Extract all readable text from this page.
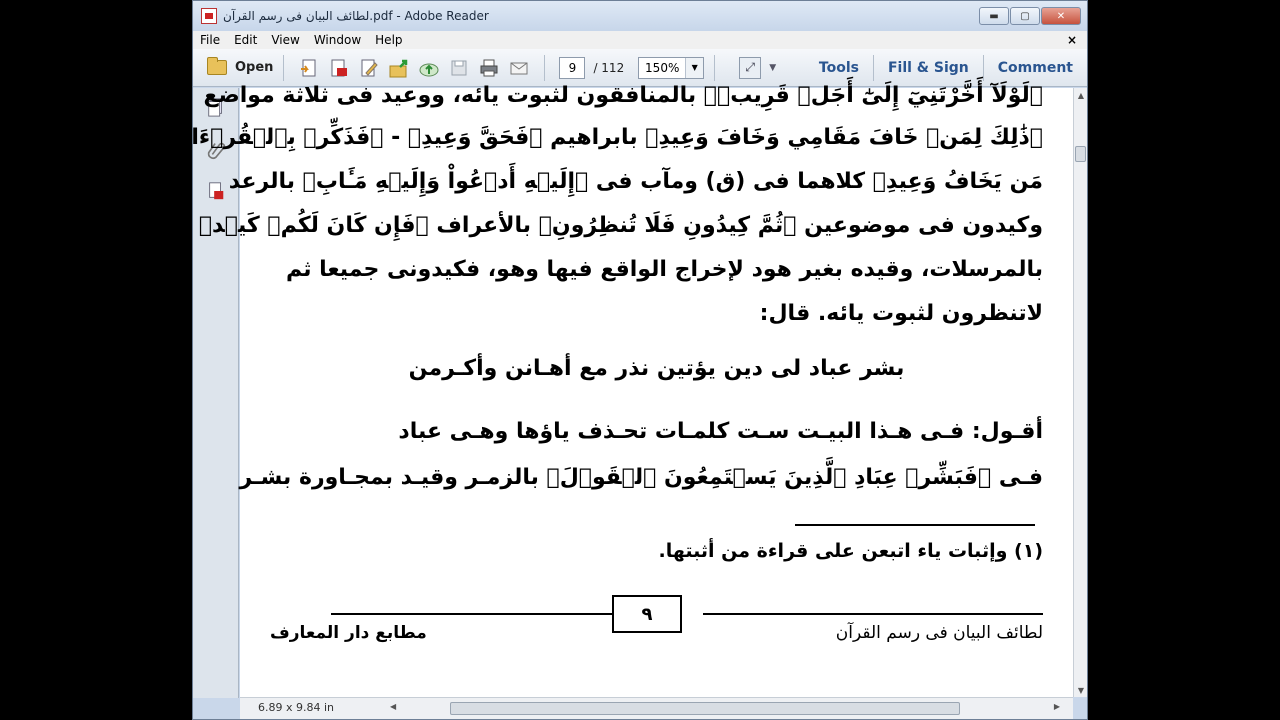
لطائف البيان فى رسم القرآن.pdf - Adobe Reader	▬	▢	✕
File	Edit	View	Window	Help	×
Open	9	/ 112	150%	▼	⤢	▼	Tools	Fill & Sign	Comment
﴿لَوْلَآ أَخَّرْتَنِيٓ إِلَىٰٓ أَجَلٖ قَرِيبٖ﴾ بالمنافقون لثبوت يائه، ووعيد فى ثلاثة مواضع
﴿ذَٰلِكَ لِمَنۡ خَافَ مَقَامِي وَخَافَ وَعِيدِ﴾ بابراهيم ﴿فَحَقَّ وَعِيدِ﴾ - ﴿فَذَكِّرۡ بِٱلۡقُرۡءَانِ
مَن يَخَافُ وَعِيدِ﴾ كلاهما فى (ق) ومآب فى ﴿إِلَيۡهِ أَدۡعُواْ وَإِلَيۡهِ مَـَٔابِ﴾ بالرعد
وكيدون فى موضوعين ﴿ثُمَّ كِيدُونِ فَلَا تُنظِرُونِ﴾ بالأعراف ﴿فَإِن كَانَ لَكُمۡ كَيۡدٞ فَكِيدُونِ﴾
بالمرسلات، وقيده بغير هود لإخراج الواقع فيها وهو، فكيدونى جميعا ثم
لاتنظرون لثبوت يائه. قال:
بشر عباد لى دين يؤتين نذر مع أهـانن وأكـرمن
أقـول: فـى هـذا البيـت سـت كلمـات تحـذف ياؤها وهـى عباد
فـى ﴿فَبَشِّرۡ عِبَادِ ٱلَّذِينَ يَسۡتَمِعُونَ ٱلۡقَوۡلَ﴾ بالزمـر وقيـد بمجـاورة بشـر
(١) وإثبات ياء اتبعن على قراءة من أثبتها.
٩
لطائف البيان فى رسم القرآن
مطابع دار المعارف
▲
▼
6.89 x 9.84 in	◀	▶
